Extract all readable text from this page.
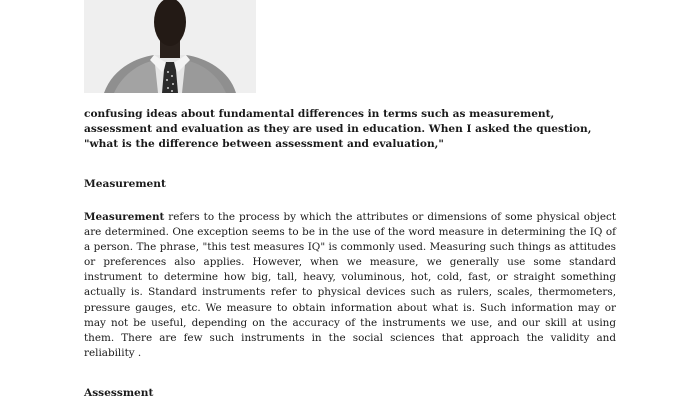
confusing ideas about fundamental differences in terms such as measurement, assessment and evaluation as they are used in education. When I asked the question, "what is the difference between assessment and evaluation,"

Measurement

Measurement refers to the process by which the attributes or dimensions of some physical object are determined. One exception seems to be in the use of the word measure in determining the IQ of a person. The phrase, "this test measures IQ" is commonly used. Measuring such things as attitudes or preferences also applies. However, when we measure, we generally use some standard instrument to determine how big, tall, heavy, voluminous, hot, cold, fast, or straight something actually is. Standard instruments refer to physical devices such as rulers, scales, thermometers, pressure gauges, etc. We measure to obtain information about what is. Such information may or may not be useful, depending on the accuracy of the instruments we use, and our skill at using them. There are few such instruments in the social sciences that approach the validity and reliability .

Assessment
